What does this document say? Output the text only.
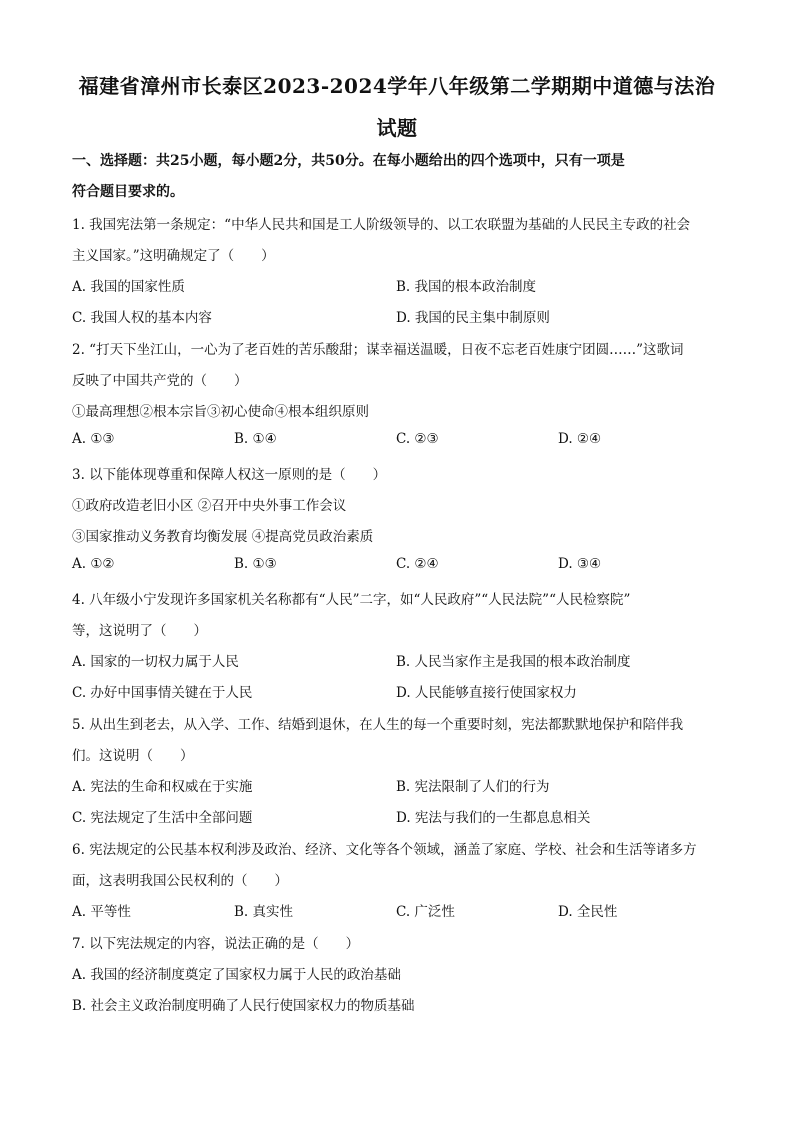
福建省漳州市长泰区2023-2024学年八年级第二学期期中道德与法治
试题
一、选择题：共25小题，每小题2分，共50分。在每小题给出的四个选项中，只有一项是
符合题目要求的。
1. 我国宪法第一条规定：“中华人民共和国是工人阶级领导的、以工农联盟为基础的人民民主专政的社会
主义国家。”这明确规定了（　　）
A. 我国的国家性质	B. 我国的根本政治制度
C. 我国人权的基本内容	D. 我国的民主集中制原则
2. “打天下坐江山，一心为了老百姓的苦乐酸甜；谋幸福送温暖，日夜不忘老百姓康宁团圆……”这歌词
反映了中国共产党的（　　）
①最高理想②根本宗旨③初心使命④根本组织原则
A. ①③	B. ①④	C. ②③	D. ②④
3. 以下能体现尊重和保障人权这一原则的是（　　）
①政府改造老旧小区 ②召开中央外事工作会议
③国家推动义务教育均衡发展 ④提高党员政治素质
A. ①②	B. ①③	C. ②④	D. ③④
4. 八年级小宁发现许多国家机关名称都有“人民”二字，如“人民政府”“人民法院”“人民检察院”
等，这说明了（　　）
A. 国家的一切权力属于人民	B. 人民当家作主是我国的根本政治制度
C. 办好中国事情关键在于人民	D. 人民能够直接行使国家权力
5. 从出生到老去，从入学、工作、结婚到退休，在人生的每一个重要时刻，宪法都默默地保护和陪伴我
们。这说明（　　）
A. 宪法的生命和权威在于实施	B. 宪法限制了人们的行为
C. 宪法规定了生活中全部问题	D. 宪法与我们的一生都息息相关
6. 宪法规定的公民基本权利涉及政治、经济、文化等各个领域，涵盖了家庭、学校、社会和生活等诸多方
面，这表明我国公民权利的（　　）
A. 平等性	B. 真实性	C. 广泛性	D. 全民性
7. 以下宪法规定的内容，说法正确的是（　　）
A. 我国的经济制度奠定了国家权力属于人民的政治基础
B. 社会主义政治制度明确了人民行使国家权力的物质基础
